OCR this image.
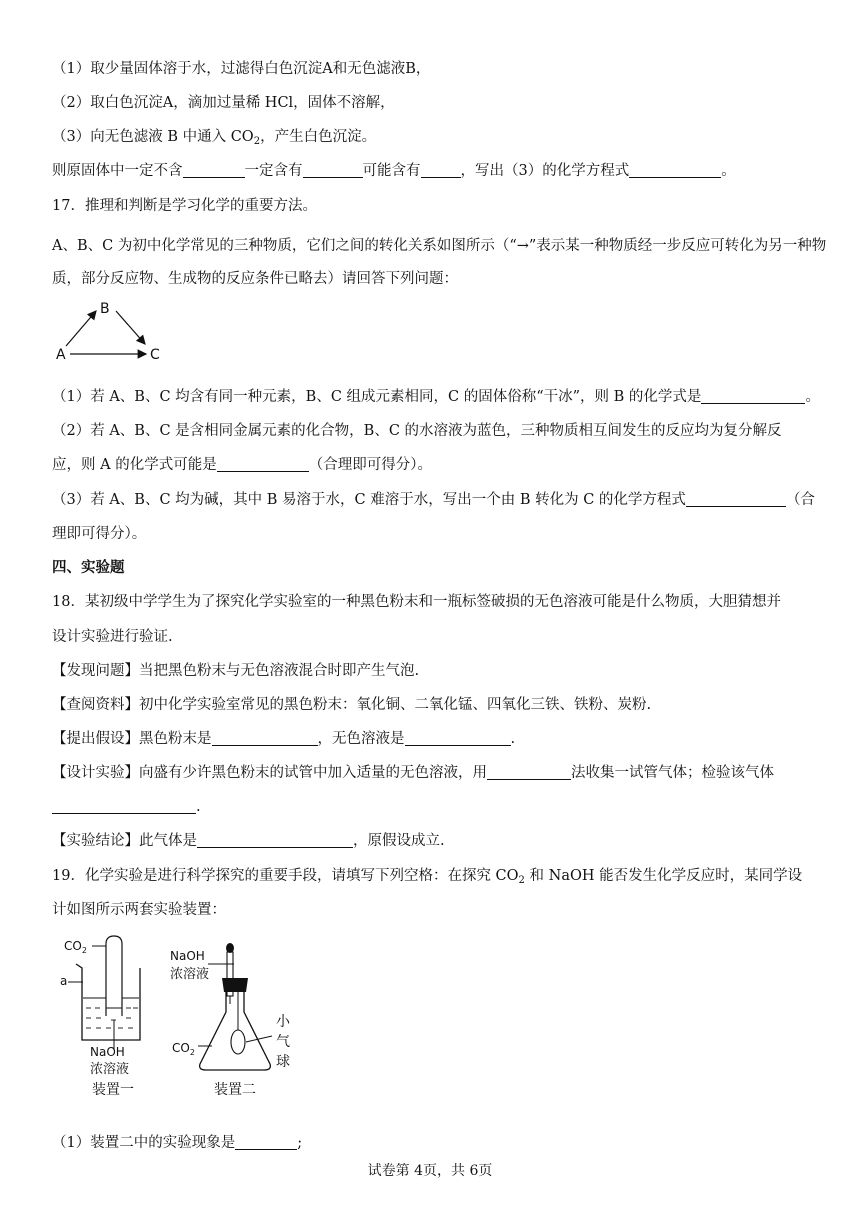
（1）取少量固体溶于水，过滤得白色沉淀A和无色滤液B，
（2）取白色沉淀A，滴加过量稀 HCl，固体不溶解，
（3）向无色滤液 B 中通入 $CO_2$，产生白色沉淀。
则原固体中一定不含	一定含有	可能含有	，写出（3）的化学方程式	。
17．推理和判断是学习化学的重要方法。
A、B、C 为初中化学常见的三种物质，它们之间的转化关系如图所示（“→”表示某一种物质经一步反应可转化为另一种物质，部分反应物、生成物的反应条件已略去）请回答下列问题：
A
B
C
（1）若 A、B、C 均含有同一种元素，B、C 组成元素相同，C 的固体俗称“干冰”，则 B 的化学式是	。
（2）若 A、B、C 是含相同金属元素的化合物，B、C 的水溶液为蓝色，三种物质相互间发生的反应均为复分解反
应，则 A 的化学式可能是	（合理即可得分）。
（3）若 A、B、C 均为碱，其中 B 易溶于水，C 难溶于水，写出一个由 B 转化为 C 的化学方程式	（合
理即可得分）。
四、实验题
18．某初级中学学生为了探究化学实验室的一种黑色粉末和一瓶标签破损的无色溶液可能是什么物质，大胆猜想并
设计实验进行验证.
【发现问题】当把黑色粉末与无色溶液混合时即产生气泡.
【查阅资料】初中化学实验室常见的黑色粉末：氧化铜、二氧化锰、四氧化三铁、铁粉、炭粉.
【提出假设】黑色粉末是	，无色溶液是	.
【设计实验】向盛有少许黑色粉末的试管中加入适量的无色溶液，用	法收集一试管气体；检验该气体
.
【实验结论】此气体是	，原假设成立.
19．化学实验是进行科学探究的重要手段，请填写下列空格：在探究 $CO_2$ 和 NaOH 能否发生化学反应时，某同学设
计如图所示两套实验装置：
$CO_2$
a
NaOH
浓溶液
装置一
NaOH
浓溶液
$CO_2$
小
气
球
装置二
（1）装置二中的实验现象是	;
试卷第 4页，共 6页
